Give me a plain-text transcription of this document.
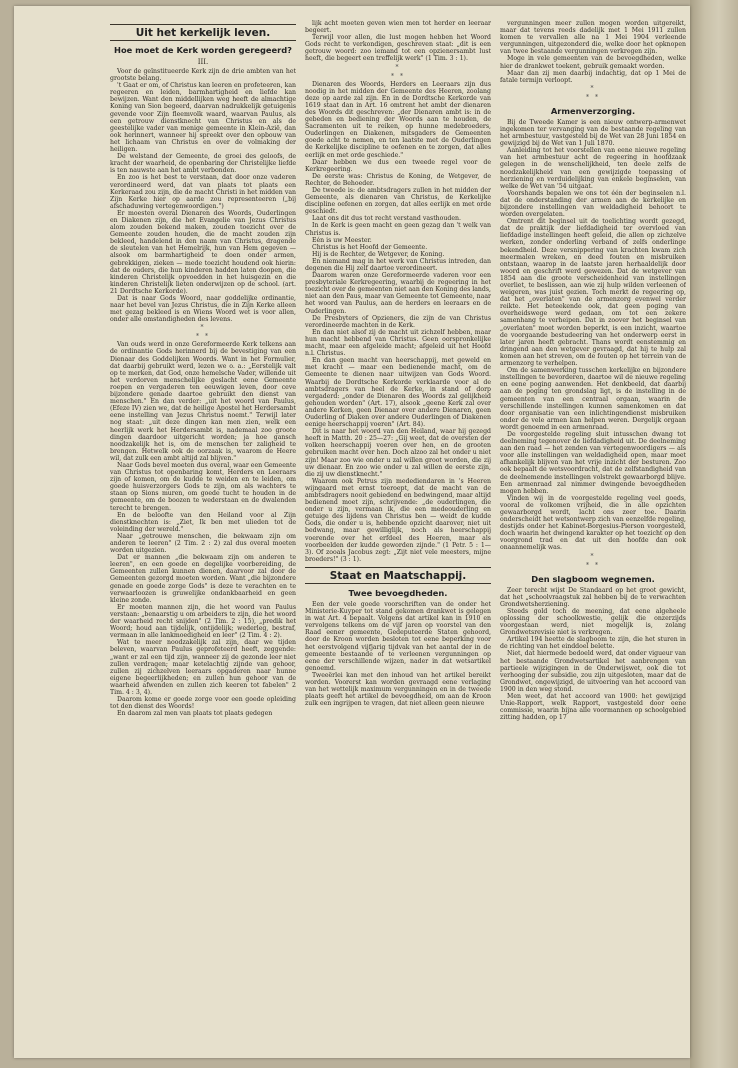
Uit het kerkelijk leven.
Hoe moet de Kerk worden geregeerd?
III.

Voor de geïnstitueerde Kerk zijn de drie ambten van het grootste belang.

't Gaat er om, of Christus kan leeren en profeteeren, kan regeeren en leiden, barmhartigheid en liefde kan bewijzen. Want den middellijken weg heeft de almachtige Koning van Sion begeerd, daarvan nadrukkelijk getuigenis gevende voor Zijn fleemvolk waard, waarvan Paulus, als een getrouw dienstknecht van Christus en als de geestelijke vader van menige gemeente in Klein-Azië, dan ook herinnert, wanneer hij spreekt over den opbouw van het lichaam van Christus en over de volmaking der heiligen.

De welstand der Gemeente, de groei des geloofs, de kracht der waarheid, de openbaring der Christelijke liefde is ten nauwste aan het ambt verbonden.

En zoo is het best te verstaan, dat door onze vaderen verordineerd werd, dat van plaats tot plaats een Kerkeraad zou zijn, die de macht Christi in het midden van Zijn Kerke hier op aarde zou representeeren („bij afschaduwing vertegenwoordigen.")

Er moesten overal Dienaren des Woords, Ouderlingen en Diakenen zijn, die het Evangelie van Jezus Christus alom zouden bekend maken, zouden toezicht over de Gemeente zouden houden, die de macht zouden zijn bekleed, handelend in den naam van Christus, dragende de sleutelen van het Hemelrijk, hun van Hem gegeven — alsook om barmhartigheid te doen onder armen, gebrekkigen, zieken — mede toezicht houdend ook hierin: dat de ouders, die hun kinderen hadden laten doopen, die kinderen Christelijk opvoedden in het huisgezin en die kinderen Christelijk lieten onderwijzen op de school. (art. 21 Dordtsche Kerkorde).

Dat is naar Gods Woord, naar goddelijke ordinantie, naar het bevel van Jezus Christus, die in Zijn Kerke alleen met gezag bekleed is en Wiens Woord wet is voor allen, onder alle omstandigheden des levens.

*
* *

Van ouds werd in onze Gereformeerde Kerk telkens aan de ordinantie Gods herinnerd bij de bevestiging van een Dienaar des Goddelijken Woords. Want in het Formulier, dat daarbij gebruikt werd, lezen we o. a.: „Eerstelijk valt op te merken, dat God, onze hemelsche Vader, willende uit het verdorven menschelijke geslacht eene Gemeente roepen en vergaderen ten eeuwigen leven, door ceve bijzondere genade daartoe gebruikt den dienst van menschen." En dan verder: „uit het woord van Paulus, (Efeze IV) zien we, dat de heilige Apostel het Herdersambt eene instelling van Jezus Christus noemt." Terwijl later nog staat: „uit deze dingen kan men zien, welk een heerlijk werk het Herdersambt is, nademaal zoo groote dingen daardoor uitgericht worden; ja hoe gansch noodzakelijk het is, om de menschen ter zaligheid te brengen. Hetwelk ook de oorzaak is, waarom de Heere wil, dat zulk een ambt altijd zal blijven."

Naar Gods bevel moeten dus overal, waar een Gemeente van Christus tot openbaring komt, Herders en Leeraars zijn of komen, om de kudde te weiden en te leiden, om goede huisverzorgers Gods te zijn, om als wachters te staan op Sions muren, om goede tucht te houden in de gemeente, om de boozen te wederstaan en de dwalenden terecht te brengen.

En de beloofte van den Heiland voor al Zijn dienstknechten is: „Ziet, Ik ben met ulieden tot de voleinding der wereld."

Naar „getrouwe menschen, die bekwaam zijn om anderen te leeren" (2 Tim. 2 : 2) zal dus overal moeten worden uitgezien.

Dat er mannen „die bekwaam zijn om anderen te leeren", en een goede en degelijke voorbereiding, de Gemeenten zullen kunnen dienen, daarvoor zal door de Gemeenten gezorgd moeten worden. Want „die bijzondere genade en goede zorge Gods" is deze te verachten en te verwaarloozen is gruwelijke ondankbaarheid en geen kleine zonde.

Er moeten mannen zijn, die het woord van Paulus verstaan: „benaarstig u om arbeiders te zijn, die het woord der waarheid recht snijden" (2 Tim. 2 : 15), „predik het Woord; houd aan tijdelijk, ontijdelijk; wederleg, bestraf, vermaan in alle lankmoedigheid en leer" (2 Tim. 4 : 2).

Wat te meer noodzakelijk zal zijn, daar we tijden beleven, waarvan Paulus geprofeteerd heeft, zeggende: „want er zal een tijd zijn, wanneer zij de gezonde leer niet zullen verdragen; maar ketelachtig zijnde van gehoor, zullen zij zichzelven leeraars opgaderen naar hunne eigene begeerlijkheden; en zullen hun gehoor van de waarheid afwenden en zullen zich keeren tot fabelen" 2 Tim. 4 : 3, 4).

Daarom kome er goede zorge voor een goede opleiding tot den dienst des Woords!

En daarom zal men van plaats tot plaats gedegen

lijk acht moeten geven wien men tot herder en leeraar begeert.

Terwijl voor allen, die lust mogen hebben het Woord Gods recht te verkondigen, geschreven staat: „dit is een getrouw woord: zoo iemand tot een opzienersambt lust heeft, die begeert een treffelijk werk" (1 Tim. 3 : 1).

*
* *

Dienaren des Woords, Herders en Leeraars zijn dus noodig in het midden der Gemeente des Heeren, zoolang deze op aarde zal zijn. En in de Dordtsche Kerkorde van 1619 staat dan in Art. 16 omtrent het ambt der dienaren des Woords dit geschreven: „der Dienaren ambt is: in de gebeden en bediening der Woords aan te houden, de Sacramenten uit te reiken, op hunne medebroeders, Ouderlingen en Diakenen, mitsgaders de Gemeenten goede acht te nemen, en ten laatste met de Ouderlingen de Kerkelijke discipline te oefenen en te zorgen, dat alles eerlijk en met orde geschiede."

Daar hebben we dus een tweede regel voor de Kerkregeering.

De eerste was: Christus de Koning, de Wetgever, de Rechter, de Behoeder.

De tweede is: de ambtsdragers zullen in het midden der Gemeente, als dienaren van Christus, de Kerkelijke discipline oefenen en zorgen, dat alles eerlijk en met orde geschiedt.

Laat ons dit dus tot recht verstand vasthouden.

In de Kerk is geen macht en geen gezag dan 't welk van Christus is.

Eén is uw Meester.

Christus is het Hoofd der Gemeente.

Hij is de Rechter, de Wetgever, de Koning.

En niemand mag in het werk van Christus intreden, dan degenen die Hij zelf daartoe verordineert.

Daarom waren onze Gereformeerde vaderen voor een presbyteriale Kerkregeering, waarbij de regeering in het toezicht over de gemeenten niet aan den Koning des lands, niet aan den Paus, maar van Gemeente tot Gemeente, naar het woord van Paulus, aan de herders en leeraars en de Ouderlingen.

De Presbyters of Opzieners, die zijn de van Christus verordineerde machten in de Kerk.

En dan niet alsof zij de macht uit zichzelf hebben, maar hun macht hebbend van Christus. Geen oorspronkelijke macht, maar een afgeleide macht; afgeleid uit het Hoofd n.l. Christus.

En dan geen macht van heerschappij, met geweld en met kracht — maar een bedienende macht, om de Gemeente te dienen naar uitwijzen van Gods Woord. Waarbij de Dordtsche Kerkorde verklaarde voor al de ambtsdragers van heel de Kerke, in stand of dorp vergaderd: „onder de Dienaren des Woords zal gelijkheid gehouden worden" (Art. 17), alsook „geene Kerk zal over andere Kerken, geen Dienaar over andere Dienaren, geen Ouderling of Diaken over andere Ouderlingen of Diakenen eenige heerschappij voeren" (Art. 84).

Dit is naar het woord van den Heiland, waar hij gezegd heeft in Matth. 20 : 25—27: „Gij weet, dat de oversten der volken heerschappij voeren over hen, en de grooten gebruiken macht over hen. Doch alzoo zal het onder u niet zijn! Maar zoo wie onder u zal willen groot worden, die zij uw dienaar. En zoo wie onder u zal willen de eerste zijn, die zij uw dienstknecht."

Waarom ook Petrus zijn medediendaren in 's Heeren wijngaard met ernst toeroept, dat de macht van de ambtsdragers nooit gebiedend en bedwingend, maar altijd bedienend moet zijn, schrijvende: „de ouderlingen, die onder u zijn, vermaan ik, die een medeouderling en getuige des lijdens van Christus ben — weidt de kudde Gods, die onder u is, hebbende opzicht daarover, niet uit bedwang, maar gewilliglijk, noch als heerschappij voerende over het erfdeel des Heeren, maar als voorbeelden der kudde geworden zijnde." (1 Petr. 5 : 1—3). Of zooals Jacobus zegt: „Zijt niet vele meesters, mijne broeders!" (3 : 1).

Staat en Maatschappij.
Twee bevoegdheden.

Een der vele goede voorschriften van de onder het Ministerie-Kuyper tot stand gekomen drankwet is gelegen in wat Art. 4 bepaalt. Volgens dat artikel kan in 1910 en vervolgens telkens om de vijf jaren op voorstel van den Raad eener gemeente, Gedeputeerde Staten gehoord, door de Kroon worden besloten tot eene beperking voor het eerstvolgend vijfjarig tijdvak van het aantal der in de gemeente bestaande of te verleenen vergunningen op eene der verschillende wijzen, nader in dat wetsartikel genoemd.

Tweeërlei kan met den inhoud van het artikel bereikt worden. Voorerst kan worden gevraagd eene verlaging van het wettelijk maximum vergunningen en in de tweede plaats geeft het artikel de bevoegdheid, om aan de Kroon zulk een ingrijpen te vragen, dat niet alleen geen nieuwe

vergunningen meer zullen mogen worden uitgereikt, maar dat tevens reeds dadelijk met 1 Mei 1911 zullen komen te vervallen alle na 1 Mei 1904 verleende vergunningen, uitgezonderd die, welke door het opknopen van twee bestaande vergunningen verkregen zijn.

Moge in vele gemeenten van de bevoegdheden, welke hier de drankwet toekent, gebruik gemaakt worden.

Maar dan zij men daarbij indachtig, dat op 1 Mei de fatale termijn verloopt.

*
* *
Armenverzorging.

Bij de Tweede Kamer is een nieuw ontwerp-armenwet ingekomen ter vervanging van de bestaande regeling van het armbestuur, vastgesteld bij de Wet van 28 Juni 1854 en gewijzigd bij de Wet van 1 Juli 1870.

Aanleiding tot het voorstellen van eene nieuwe regeling van het armbestuur acht de regeering in hoofdzaak gelegen in de wenschelijkheid, ten deele zelfs de noodzakelijkheid van een gewijzigde toepassing of herziening en verduidelijking van enkele beginselen, van welke de Wet van '54 uitgaat.

Voorshands bepalen we ons tot één der beginselen n.l. dat de onderstanding der armen aan de kerkelijke en bijzondere instellingen van weldadigheid behoort te worden overgelaten.

Omtrent dit beginsel uit de toelichting wordt gezegd, dat de praktijk der liefdadigheid ter overvloed van liefdadige instellingen heeft geleid, die allen op zichzelve werken, zonder onderling verband of zelfs onderlinge bekendheid. Deze versnippering van krachten kwam zich meermalen wreken, en deed fouten en misbruiken ontstaan, waarop in de laatste jaren herhaaldelijk door woord en geschrift werd gewezen. Dat de wetgever van 1854 aan die groote verscheidenheid van instellingen overliet, te beslissen, aan wie zij hulp wilden verleenen of weigeren, was juist gezien. Toch merkt de regeering op, dat het „overlaten" van de armenzorg evenwel verder reikte. Het beteekende ook, dat geen poging van overheidswege werd gedaan, om tot een zekere samenhang te verheipen. Dat in zoover het beginsel van „overlaten" moet worden beperkt, is een inzicht, waartoe de voorgaande bestudeering van het onderwerp eerst in later jaren heeft gebracht. Thans wordt eenstemmig en dringend aan den wetgever gevraagd, dat hij te hulp zal komen aan het streven, om de fouten op het terrein van de armenzorg te verhelpen.

Om de samenwerking tusschen kerkelijke en bijzondere instellingen te bevorderen, daartoe wil de nieuwe regeling en eene poging aanwenden. Het denkbeeld, dat daarbij aan de poging ten grondslag ligt, is de instelling in de gemeenten van een centraal orgaan, waarin de verschillende instellingen kunnen samenkomen en dat door organisatie van een inlichtingendienst misbruiken onder de vele armen kan helpen weren. Dergelijk orgaan wordt genoemd in een armenraad.

De voorgestelde regeling sluit intusschen dwang tot deelneming tegenover de liefdadigheid uit. De deelneming aan den raad — het zenden van vertegenwoordigers — als voor alle instellingen van weldadigheid open, maar moet afhankelijk blijven van het vrije inzicht der besturen. Zoo ook bepaalt de wetsvoordracht, dat de zelfstandigheid van de deelnemende instellingen volstrekt gewaarborgd blijve. Een armenraad zal nimmer dwingende bevoegdheden mogen hebben.

Vinden wij in de voorgestelde regeling veel goeds, vooral de volkomen vrijheid, die in alle opzichten gewaarborgd wordt, lacht ons zeer toe. Daarin onderscheidt het wetsontwerp zich van eenzelfde regeling, destijds onder het Kabinet-Borgesius-Pierson voorgesteld, doch waarin het dwingend karakter op het toezicht op den voorgrond trad en dat uit den hoofde dan ook onaannemelijk was.

*
* *
Den slagboom wegnemen.

Zeer terecht wijst De Standaard op het groot gewicht, dat het „schoolvraagstuk zal hebben bij de te verwachten Grondwetsherziening.

Steeds gold toch de meening, dat eene algeheele oplossing der schoolkwestie, gelijk die onzerzijds voorgestaan werd, niet mogelijk is, zolang Grondwetsrevisie niet is verkregen.

Artikel 194 heette de slagboom te zijn, die het sturen in de richting van het einddoel belette.

Niet, dat hiermede bedoeld werd, dat onder vigueur van het bestaande Grondwetsartikel het aanbrengen van partieele wijzigingen in de Onderwijswet, ook die tot verhooging der subsidie, zou zijn uitgesloten, maar dat de Grondwet, ongewijzigd, de uitvoering van het accoord van 1900 in den weg stond.

Men weet, dat het accoord van 1900: het gewijzigd Unie-Rapport, welk Rapport, vastgesteld door eene commissie, waarin bijna alle voormannen op schoolgebied zitting hadden, op 17
